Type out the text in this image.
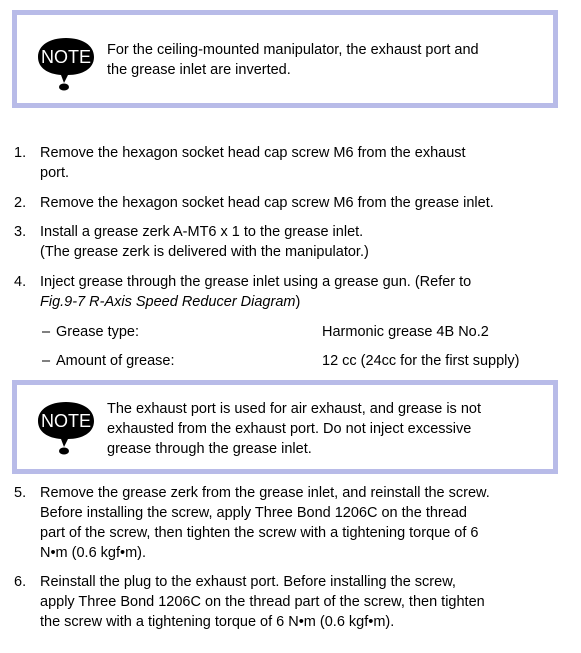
NOTE For the ceiling-mounted manipulator, the exhaust port and
the grease inlet are inverted.
1. Remove the hexagon socket head cap screw M6 from the exhaust
port.
2. Remove the hexagon socket head cap screw M6 from the grease inlet.
3. Install a grease zerk A-MT6 x 1 to the grease inlet.
(The grease zerk is delivered with the manipulator.)
4. Inject grease through the grease inlet using a grease gun. (Refer to
Fig.9-7 R-Axis Speed Reducer Diagram)
– Grease type:	Harmonic grease 4B No.2
– Amount of grease:	12 cc (24cc for the first supply)
NOTE
The exhaust port is used for air exhaust, and grease is not
exhausted from the exhaust port. Do not inject excessive
grease through the grease inlet.
5. Remove the grease zerk from the grease inlet, and reinstall the screw.
Before installing the screw, apply Three Bond 1206C on the thread
part of the screw, then tighten the screw with a tightening torque of 6
N•m (0.6 kgf•m).
6. Reinstall the plug to the exhaust port. Before installing the screw,
apply Three Bond 1206C on the thread part of the screw, then tighten
the screw with a tightening torque of 6 N•m (0.6 kgf•m).
